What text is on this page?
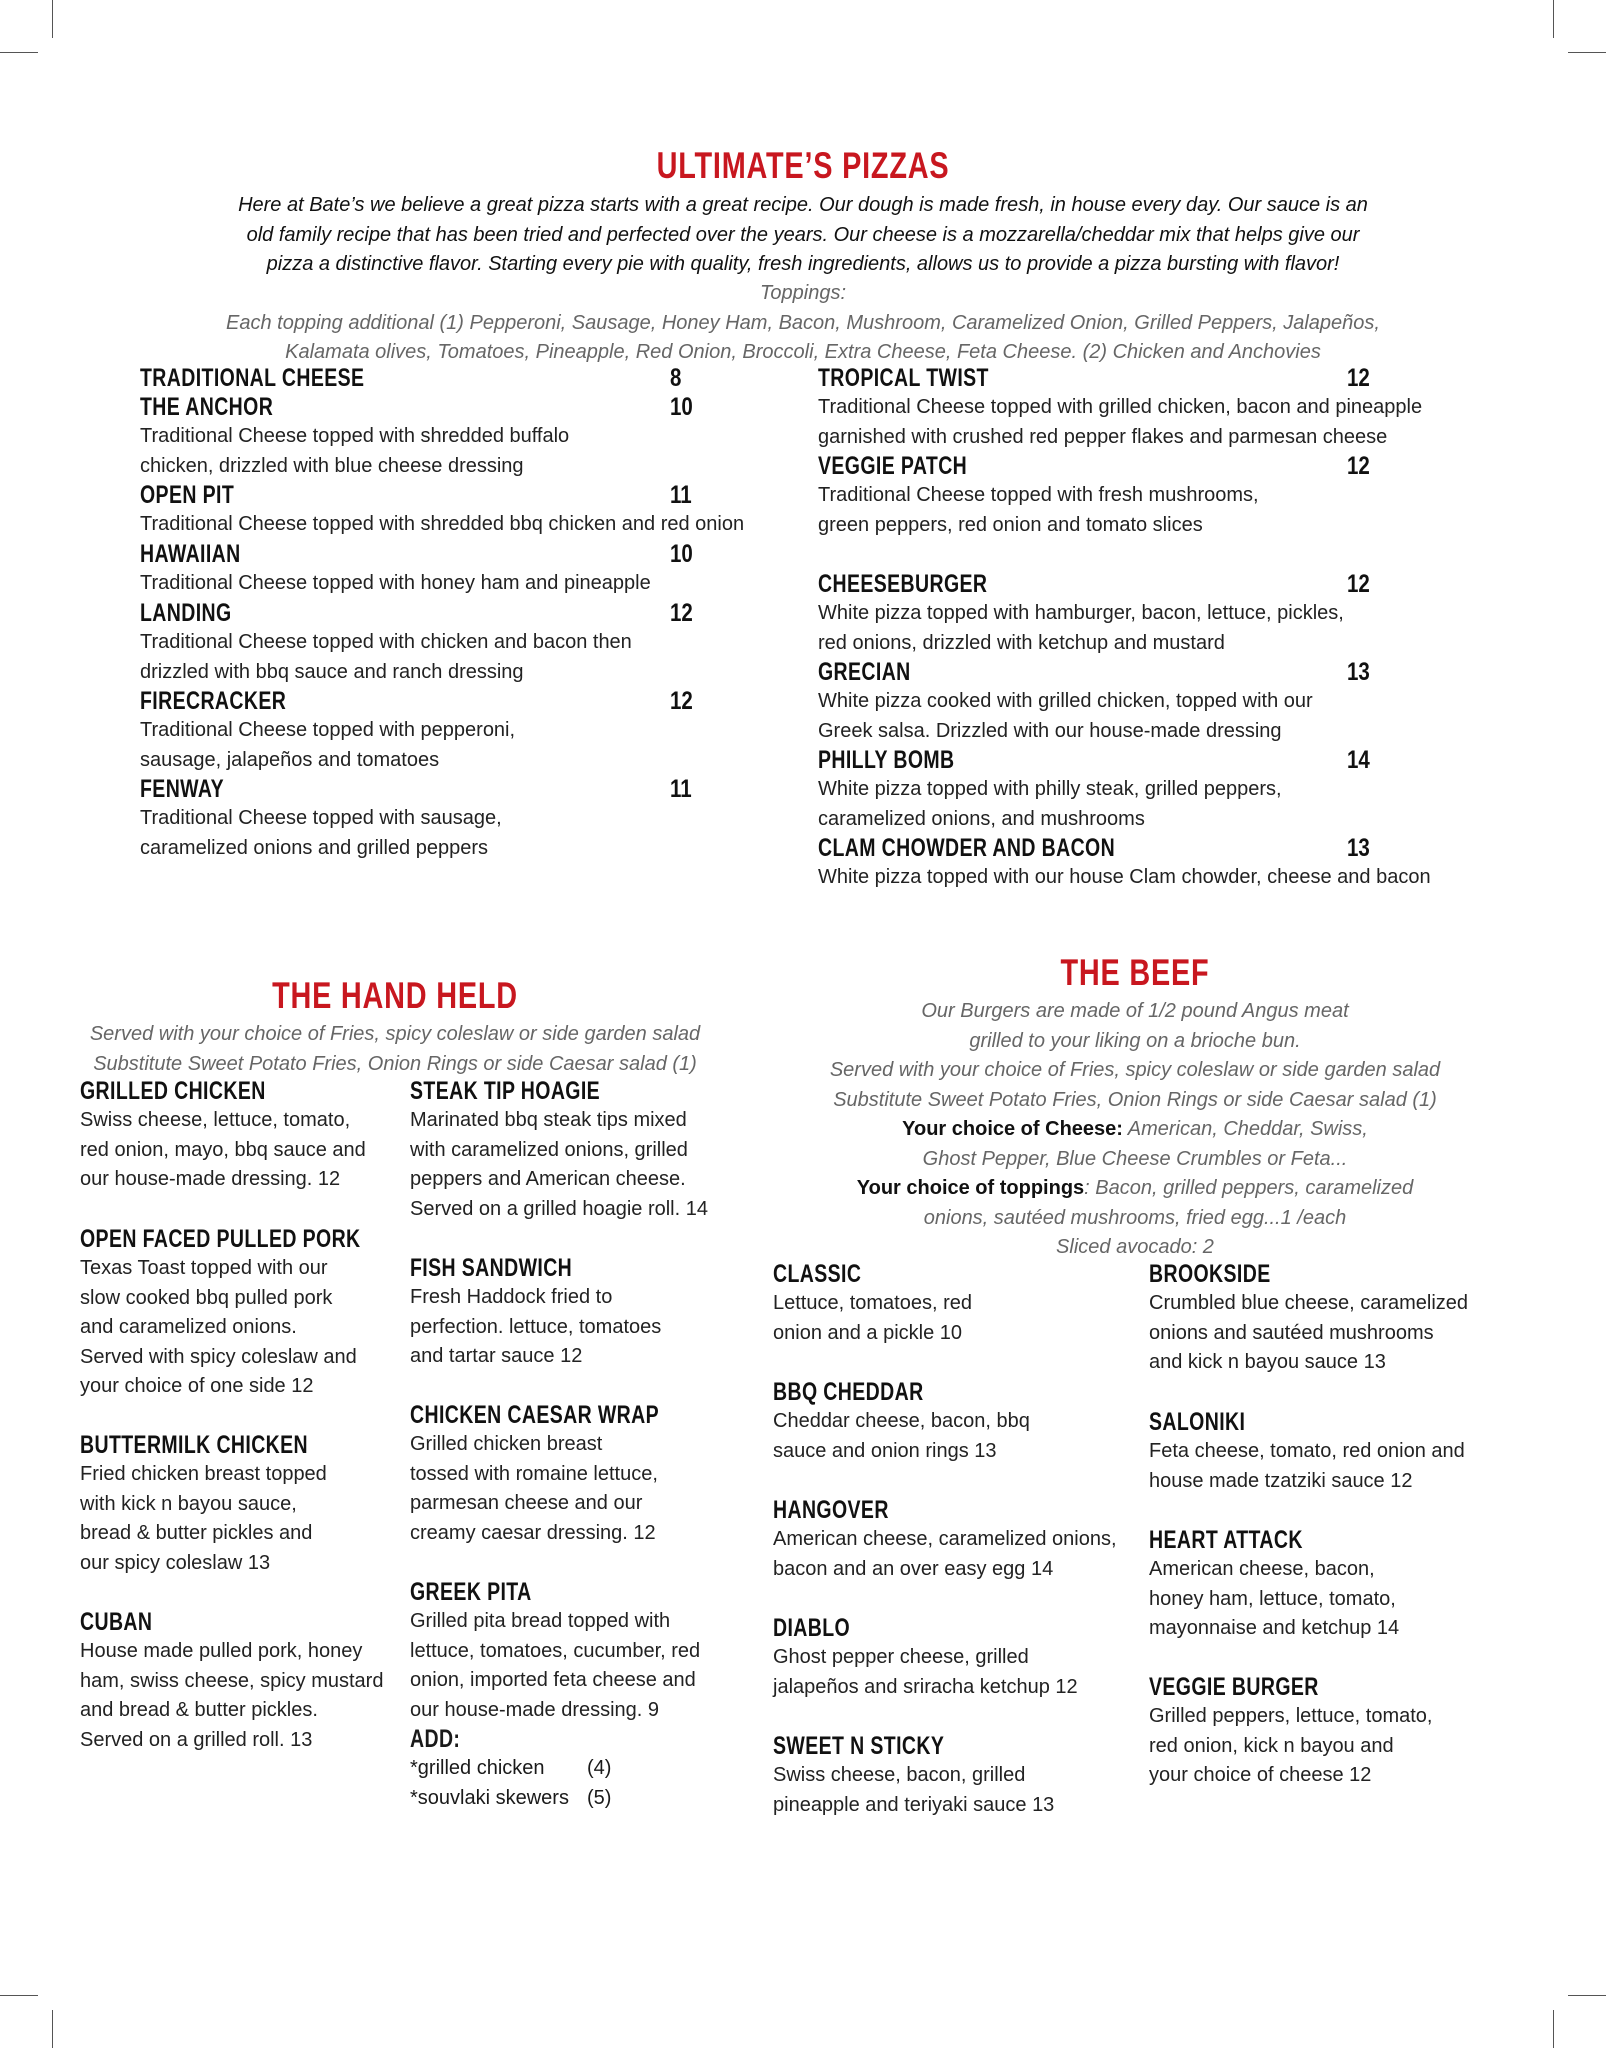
ULTIMATE’S PIZZAS
Here at Bate’s we believe a great pizza starts with a great recipe. Our dough is made fresh, in house every day. Our sauce is an
old family recipe that has been tried and perfected over the years. Our cheese is a mozzarella/cheddar mix that helps give our
pizza a distinctive flavor. Starting every pie with quality, fresh ingredients, allows us to provide a pizza bursting with flavor!
Toppings:
Each topping additional (1) Pepperoni, Sausage, Honey Ham, Bacon, Mushroom, Caramelized Onion, Grilled Peppers, Jalapeños,
Kalamata olives, Tomatoes, Pineapple, Red Onion, Broccoli, Extra Cheese, Feta Cheese. (2) Chicken and Anchovies
TRADITIONAL CHEESE	8
THE ANCHOR
Traditional Cheese topped with shredded buffalo
chicken, drizzled with blue cheese dressing
10
OPEN PIT
Traditional Cheese topped with shredded bbq chicken and red onion
11
HAWAIIAN
Traditional Cheese topped with honey ham and pineapple
10
LANDING
Traditional Cheese topped with chicken and bacon then
drizzled with bbq sauce and ranch dressing
12
FIRECRACKER
Traditional Cheese topped with pepperoni,
sausage, jalapeños and tomatoes
12
FENWAY
Traditional Cheese topped with sausage,
caramelized onions and grilled peppers
11
TROPICAL TWIST
Traditional Cheese topped with grilled chicken, bacon and pineapple
garnished with crushed red pepper flakes and parmesan cheese
12
VEGGIE PATCH
Traditional Cheese topped with fresh mushrooms,
green peppers, red onion and tomato slices
12
CHEESEBURGER
White pizza topped with hamburger, bacon, lettuce, pickles,
red onions, drizzled with ketchup and mustard
12
GRECIAN
White pizza cooked with grilled chicken, topped with our
Greek salsa. Drizzled with our house-made dressing
13
PHILLY BOMB
White pizza topped with philly steak, grilled peppers,
caramelized onions, and mushrooms
14
CLAM CHOWDER AND BACON
White pizza topped with our house Clam chowder, cheese and bacon
13
THE HAND HELD
Served with your choice of Fries, spicy coleslaw or side garden salad
Substitute Sweet Potato Fries, Onion Rings or side Caesar salad (1)
GRILLED CHICKEN
Swiss cheese, lettuce, tomato,
red onion, mayo, bbq sauce and
our house-made dressing. 12
OPEN FACED PULLED PORK
Texas Toast topped with our
slow cooked bbq pulled pork
and caramelized onions.
Served with spicy coleslaw and
your choice of one side 12
BUTTERMILK CHICKEN
Fried chicken breast topped
with kick n bayou sauce,
bread & butter pickles and
our spicy coleslaw 13
CUBAN
House made pulled pork, honey
ham, swiss cheese, spicy mustard
and bread & butter pickles.
Served on a grilled roll. 13
STEAK TIP HOAGIE
Marinated bbq steak tips mixed
with caramelized onions, grilled
peppers and American cheese.
Served on a grilled hoagie roll. 14
FISH SANDWICH
Fresh Haddock fried to
perfection. lettuce, tomatoes
and tartar sauce 12
CHICKEN CAESAR WRAP
Grilled chicken breast
tossed with romaine lettuce,
parmesan cheese and our
creamy caesar dressing. 12
GREEK PITA
Grilled pita bread topped with
lettuce, tomatoes, cucumber, red
onion, imported feta cheese and
our house-made dressing. 9
ADD:
*grilled chicken (4)
*souvlaki skewers (5)
THE BEEF
Our Burgers are made of 1/2 pound Angus meat
grilled to your liking on a brioche bun.
Served with your choice of Fries, spicy coleslaw or side garden salad
Substitute Sweet Potato Fries, Onion Rings or side Caesar salad (1)
Your choice of Cheese: American, Cheddar, Swiss,
Ghost Pepper, Blue Cheese Crumbles or Feta...
Your choice of toppings: Bacon, grilled peppers, caramelized
onions, sautéed mushrooms, fried egg...1 /each
Sliced avocado: 2
CLASSIC
Lettuce, tomatoes, red
onion and a pickle 10
BBQ CHEDDAR
Cheddar cheese, bacon, bbq
sauce and onion rings 13
HANGOVER
American cheese, caramelized onions,
bacon and an over easy egg 14
DIABLO
Ghost pepper cheese, grilled
jalapeños and sriracha ketchup 12
SWEET N STICKY
Swiss cheese, bacon, grilled
pineapple and teriyaki sauce 13
BROOKSIDE
Crumbled blue cheese, caramelized
onions and sautéed mushrooms
and kick n bayou sauce 13
SALONIKI
Feta cheese, tomato, red onion and
house made tzatziki sauce 12
HEART ATTACK
American cheese, bacon,
honey ham, lettuce, tomato,
mayonnaise and ketchup 14
VEGGIE BURGER
Grilled peppers, lettuce, tomato,
red onion, kick n bayou and
your choice of cheese 12
